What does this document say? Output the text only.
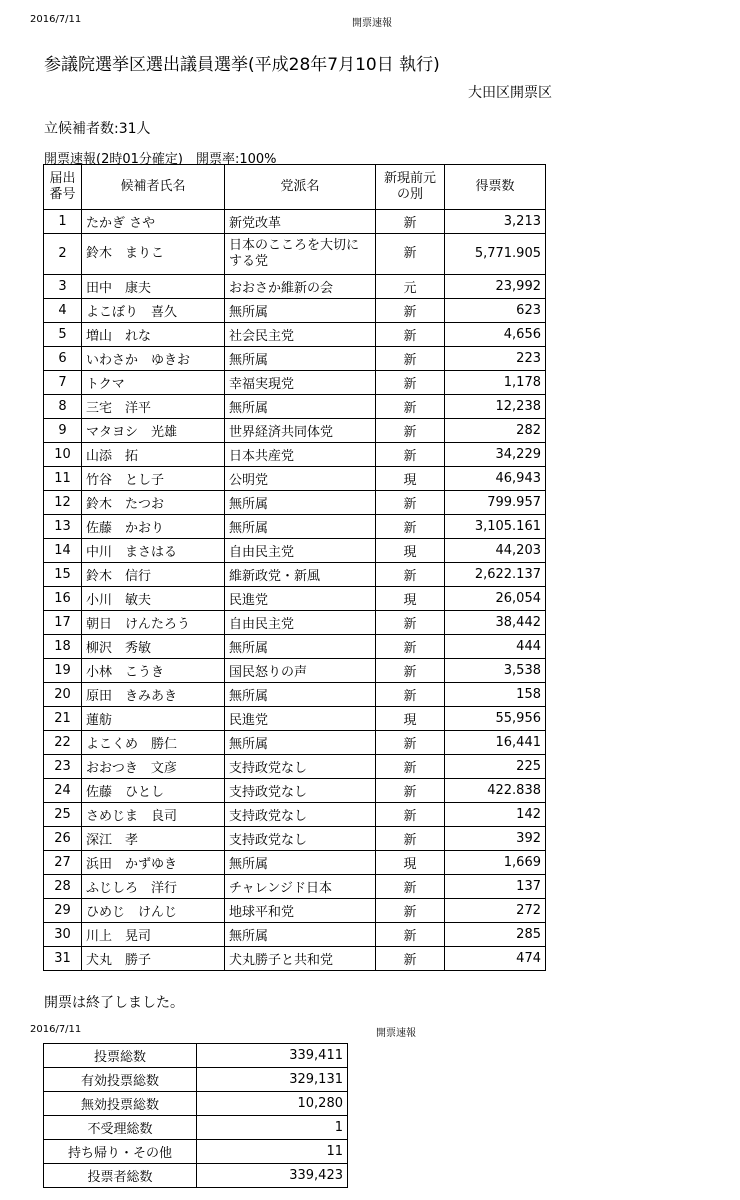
2016/7/11	開票速報
参議院選挙区選出議員選挙(平成28年7月10日 執行)
大田区開票区
立候補者数:31人
開票速報(2時01分確定)　開票率:100%
届出
番号	候補者氏名	党派名	新現前元
の別	得票数
1	たかぎ さや	新党改革	新	3,213
2	鈴木　まりこ	日本のこころを大切にする党	新	5,771.905
3	田中　康夫	おおさか維新の会	元	23,992
4	よこぼり　喜久	無所属	新	623
5	増山　れな	社会民主党	新	4,656
6	いわさか　ゆきお	無所属	新	223
7	トクマ	幸福実現党	新	1,178
8	三宅　洋平	無所属	新	12,238
9	マタヨシ　光雄	世界経済共同体党	新	282
10	山添　拓	日本共産党	新	34,229
11	竹谷　とし子	公明党	現	46,943
12	鈴木　たつお	無所属	新	799.957
13	佐藤　かおり	無所属	新	3,105.161
14	中川　まさはる	自由民主党	現	44,203
15	鈴木　信行	維新政党・新風	新	2,622.137
16	小川　敏夫	民進党	現	26,054
17	朝日　けんたろう	自由民主党	新	38,442
18	柳沢　秀敏	無所属	新	444
19	小林　こうき	国民怒りの声	新	3,538
20	原田　きみあき	無所属	新	158
21	蓮舫	民進党	現	55,956
22	よこくめ　勝仁	無所属	新	16,441
23	おおつき　文彦	支持政党なし	新	225
24	佐藤　ひとし	支持政党なし	新	422.838
25	さめじま　良司	支持政党なし	新	142
26	深江　孝	支持政党なし	新	392
27	浜田　かずゆき	無所属	現	1,669
28	ふじしろ　洋行	チャレンジド日本	新	137
29	ひめじ　けんじ	地球平和党	新	272
30	川上　晃司	無所属	新	285
31	犬丸　勝子	犬丸勝子と共和党	新	474
開票は終了しました。
2016/7/11	開票速報
投票総数	339,411
有効投票総数	329,131
無効投票総数	10,280
不受理総数	1
持ち帰り・その他	11
投票者総数	339,423
